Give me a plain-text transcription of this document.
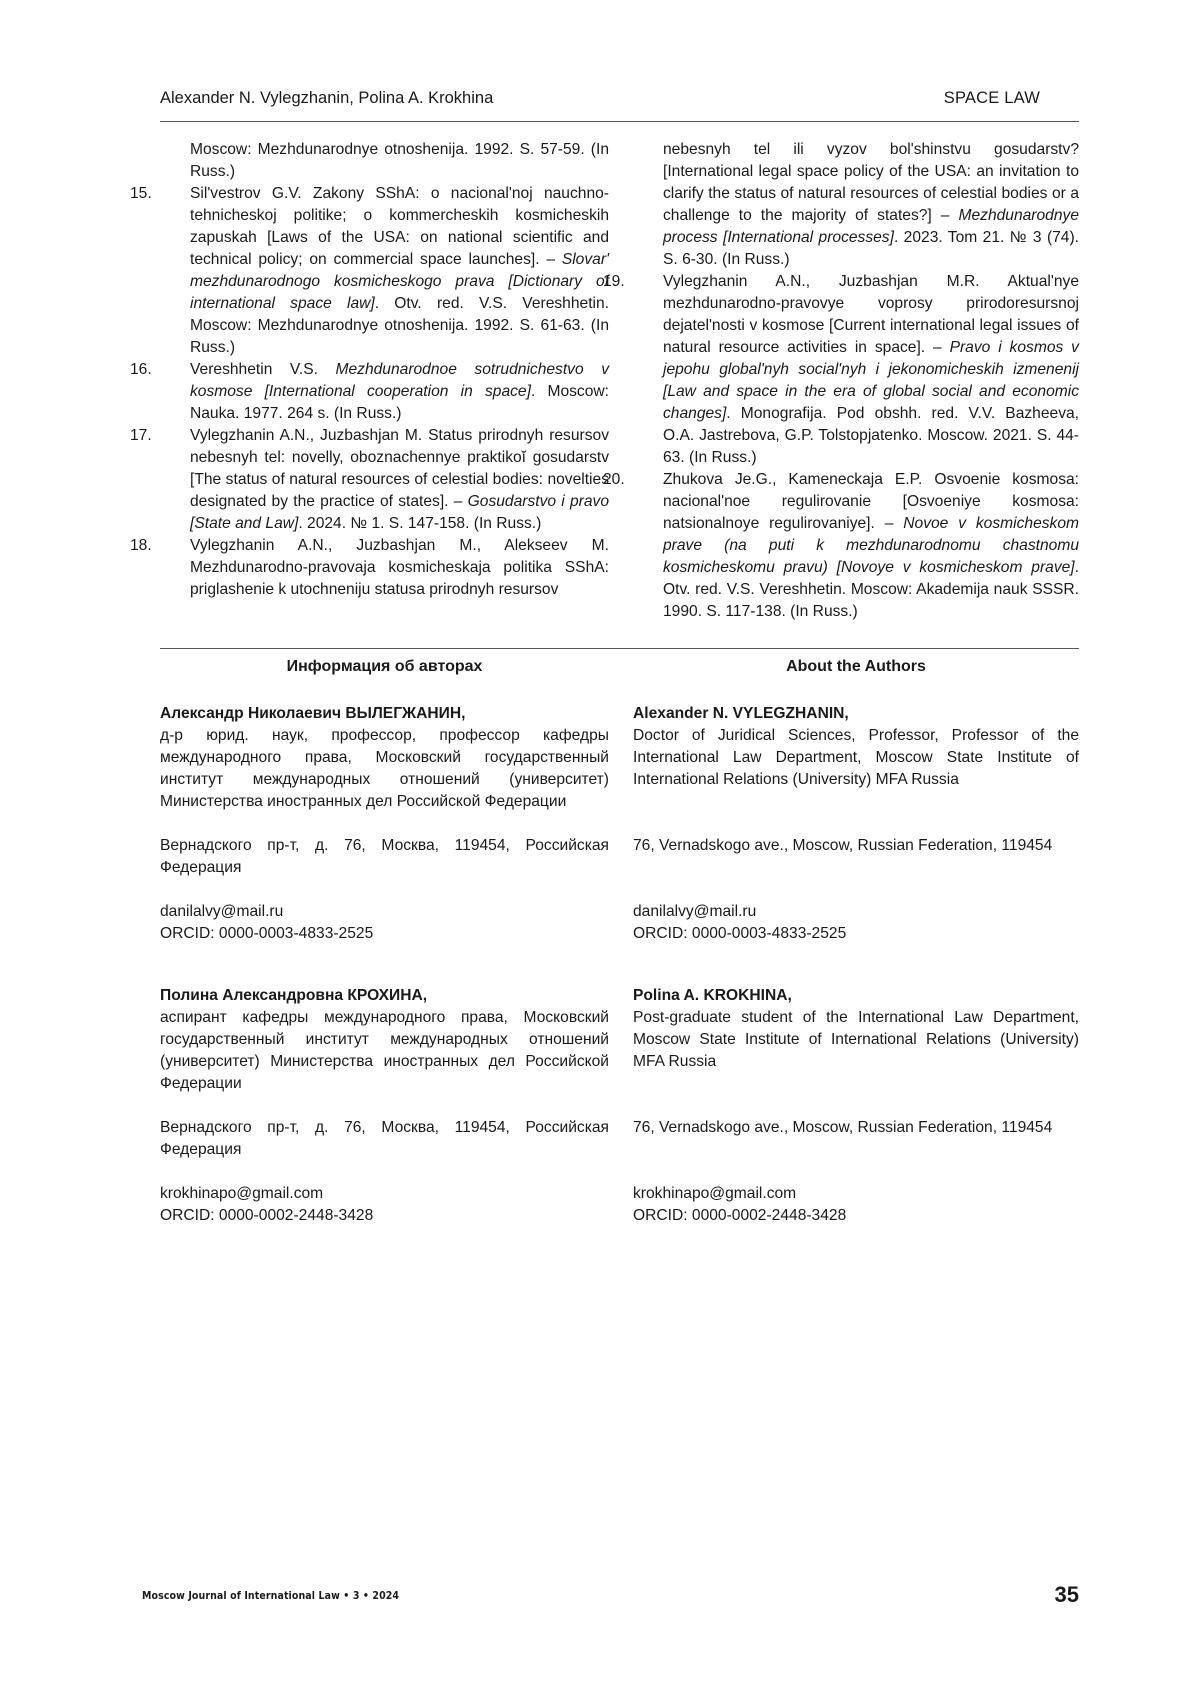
Alexander N. Vylegzhanin, Polina A. Krokhina	SPACE LAW
Moscow: Mezhdunarodnye otnoshenija. 1992. S. 57-59. (In Russ.)
15. Sil'vestrov G.V. Zakony SShA: o nacional'noj nauchno-tehnicheskoj politike; o kommercheskih kosmicheskih zapuskah [Laws of the USA: on national scientific and technical policy; on commercial space launches]. – Slovar' mezhdunarodnogo kosmicheskogo prava [Dictionary of international space law]. Otv. red. V.S. Vereshhetin. Moscow: Mezhdunarodnye otnoshenija. 1992. S. 61-63. (In Russ.)
16. Vereshhetin V.S. Mezhdunarodnoe sotrudnichestvo v kosmose [International cooperation in space]. Moscow: Nauka. 1977. 264 s. (In Russ.)
17. Vylegzhanin A.N., Juzbashjan M. Status prirodnyh resursov nebesnyh tel: novelly, oboznachennye praktikoĭ gosudarstv [The status of natural resources of celestial bodies: novelties designated by the practice of states]. – Gosudarstvo i pravo [State and Law]. 2024. № 1. S. 147-158. (In Russ.)
18. Vylegzhanin A.N., Juzbashjan M., Alekseev M. Mezhdunarodno-pravovaja kosmicheskaja politika SShA: priglashenie k utochneniju statusa prirodnyh resursov
nebesnyh tel ili vyzov bol'shinstvu gosudarstv? [International legal space policy of the USA: an invitation to clarify the status of natural resources of celestial bodies or a challenge to the majority of states?] – Mezhdunarodnye process [International processes]. 2023. Tom 21. № 3 (74). S. 6-30. (In Russ.)
19. Vylegzhanin A.N., Juzbashjan M.R. Aktual'nye mezhdunarodno-pravovye voprosy prirodoresursnoj dejatel'nosti v kosmose [Current international legal issues of natural resource activities in space]. – Pravo i kosmos v jepohu global'nyh social'nyh i jekonomicheskih izmenenij [Law and space in the era of global social and economic changes]. Monografija. Pod obshh. red. V.V. Bazheeva, O.A. Jastrebova, G.P. Tolstopjatenko. Moscow. 2021. S. 44-63. (In Russ.)
20. Zhukova Je.G., Kameneckaja E.P. Osvoenie kosmosa: nacional'noe regulirovanie [Osvoeniye kosmosa: natsionalnoye regulirovaniye]. – Novoe v kosmicheskom prave (na puti k mezhdunarodnomu chastnomu kosmicheskomu pravu) [Novoye v kosmicheskom prave]. Otv. red. V.S. Vereshhetin. Moscow: Akademija nauk SSSR. 1990. S. 117-138. (In Russ.)
Информация об авторах	About the Authors
Александр Николаевич ВЫЛЕГЖАНИН,
д-р юрид. наук, профессор, профессор кафедры международного права, Московский государственный институт международных отношений (университет) Министерства иностранных дел Российской Федерации
Вернадского пр-т, д. 76, Москва, 119454, Российская Федерация
danilalvy@mail.ru
ORCID: 0000-0003-4833-2525
Полина Александровна КРОХИНА,
аспирант кафедры международного права, Московский государственный институт международных отношений (университет) Министерства иностранных дел Российской Федерации
Вернадского пр-т, д. 76, Москва, 119454, Российская Федерация
krokhinapo@gmail.com
ORCID: 0000-0002-2448-3428
Alexander N. VYLEGZHANIN,
Doctor of Juridical Sciences, Professor, Professor of the International Law Department, Moscow State Institute of International Relations (University) MFA Russia
76, Vernadskogo ave., Moscow, Russian Federation, 119454
danilalvy@mail.ru
ORCID: 0000-0003-4833-2525
Polina A. KROKHINA,
Post-graduate student of the International Law Department, Moscow State Institute of International Relations (University) MFA Russia
76, Vernadskogo ave., Moscow, Russian Federation, 119454
krokhinapo@gmail.com
ORCID: 0000-0002-2448-3428
Moscow Journal of International Law • 3 • 2024	35
